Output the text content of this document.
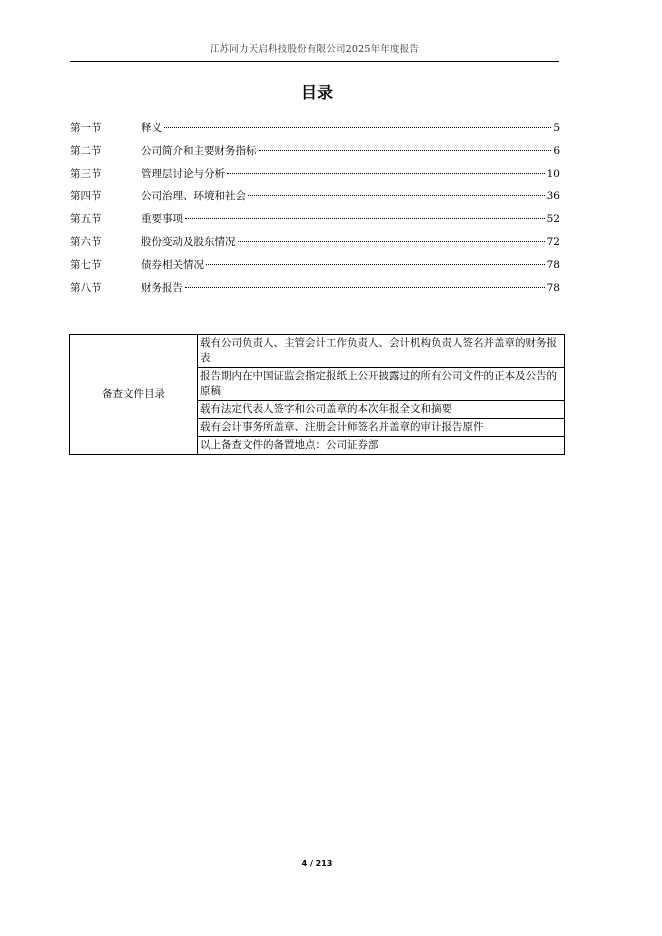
江苏同力天启科技股份有限公司2025年年度报告
目录
第一节	释义	5
第二节	公司简介和主要财务指标	6
第三节	管理层讨论与分析	10
第四节	公司治理、环境和社会	36
第五节	重要事项	52
第六节	股份变动及股东情况	72
第七节	债券相关情况	78
第八节	财务报告	78
备查文件目录	载有公司负责人、主管会计工作负责人、会计机构负责人签名并盖章的财务报表
报告期内在中国证监会指定报纸上公开披露过的所有公司文件的正本及公告的原稿
载有法定代表人签字和公司盖章的本次年报全文和摘要
载有会计事务所盖章、注册会计师签名并盖章的审计报告原件
以上备查文件的备置地点：公司证券部
4 / 213
